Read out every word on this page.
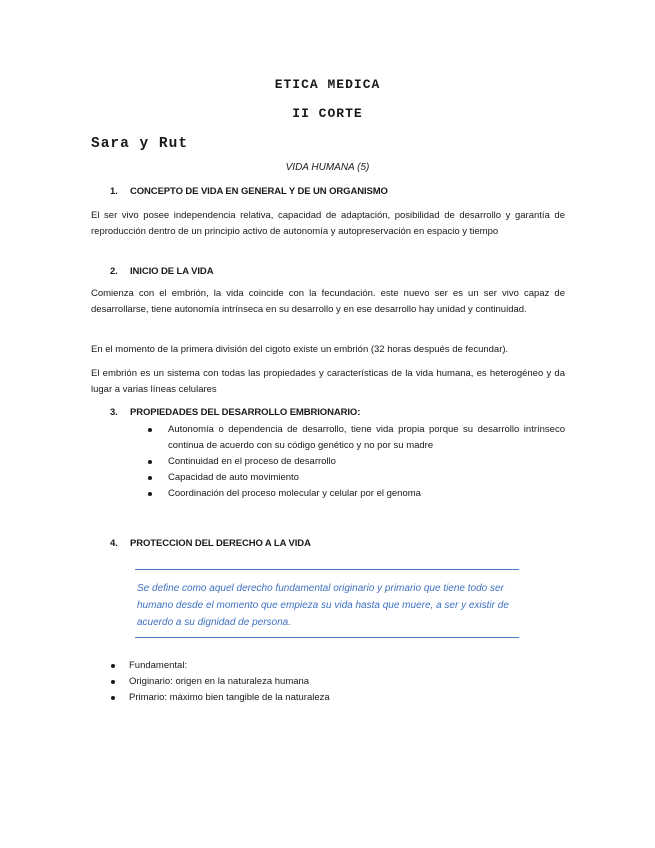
ETICA MEDICA
II CORTE
Sara y Rut
VIDA HUMANA (5)
1. CONCEPTO DE VIDA EN GENERAL Y DE UN ORGANISMO
El ser vivo posee independencia relativa, capacidad de adaptación, posibilidad de desarrollo y garantía de reproducción dentro de un principio activo de autonomía y autopreservación en espacio y tiempo
2. INICIO DE LA VIDA
Comienza con el embrión, la vida coincide con la fecundación. este nuevo ser es un ser vivo capaz de desarrollarse, tiene autonomía intrínseca en su desarrollo y en ese desarrollo hay unidad y continuidad.
En el momento de la primera división del cigoto existe un embrión (32 horas después de fecundar).
El embrión es un sistema con todas las propiedades y características de la vida humana, es heterogéneo y da lugar a varias líneas celulares
3. PROPIEDADES DEL DESARROLLO EMBRIONARIO:
Autonomía o dependencia de desarrollo, tiene vida propia porque su desarrollo intrínseco continua de acuerdo con su código genético y no por su madre
Continuidad en el proceso de desarrollo
Capacidad de auto movimiento
Coordinación del proceso molecular y celular por el genoma
4. PROTECCION DEL DERECHO A LA VIDA
Se define como aquel derecho fundamental originario y primario que tiene todo ser humano desde el momento que empieza su vida hasta que muere, a ser y existir de acuerdo a su dignidad de persona.
Fundamental:
Originario: origen en la naturaleza humana
Primario: máximo bien tangible de la naturaleza
